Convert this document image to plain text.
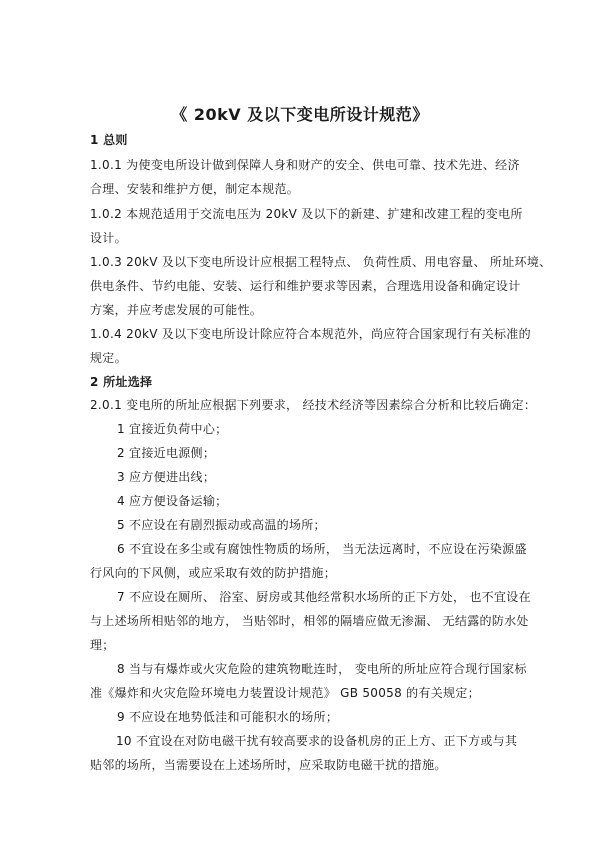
《 20kV 及以下变电所设计规范》
1 总则
1.0.1 为使变电所设计做到保障人身和财产的安全、供电可靠、技术先进、经济
合理、安装和维护方便，制定本规范。
1.0.2 本规范适用于交流电压为 20kV 及以下的新建、扩建和改建工程的变电所
设计。
1.0.3 20kV 及以下变电所设计应根据工程特点、 负荷性质、用电容量、 所址环境、
供电条件、节约电能、安装、运行和维护要求等因素，合理选用设备和确定设计
方案，并应考虑发展的可能性。
1.0.4 20kV 及以下变电所设计除应符合本规范外，尚应符合国家现行有关标准的
规定。
2 所址选择
2.0.1 变电所的所址应根据下列要求， 经技术经济等因素综合分析和比较后确定：
1 宜接近负荷中心；
2 宜接近电源侧；
3 应方便进出线；
4 应方便设备运输；
5 不应设在有剧烈振动或高温的场所；
6 不宜设在多尘或有腐蚀性物质的场所， 当无法远离时，不应设在污染源盛
行风向的下风侧，或应采取有效的防护措施；
7 不应设在厕所、 浴室、厨房或其他经常积水场所的正下方处， 也不宜设在
与上述场所相贴邻的地方， 当贴邻时，相邻的隔墙应做无渗漏、 无结露的防水处
理；
8 当与有爆炸或火灾危险的建筑物毗连时， 变电所的所址应符合现行国家标
准《爆炸和火灾危险环境电力装置设计规范》 GB 50058 的有关规定；
9 不应设在地势低洼和可能积水的场所；
10 不宜设在对防电磁干扰有较高要求的设备机房的正上方、正下方或与其
贴邻的场所，当需要设在上述场所时，应采取防电磁干扰的措施。
